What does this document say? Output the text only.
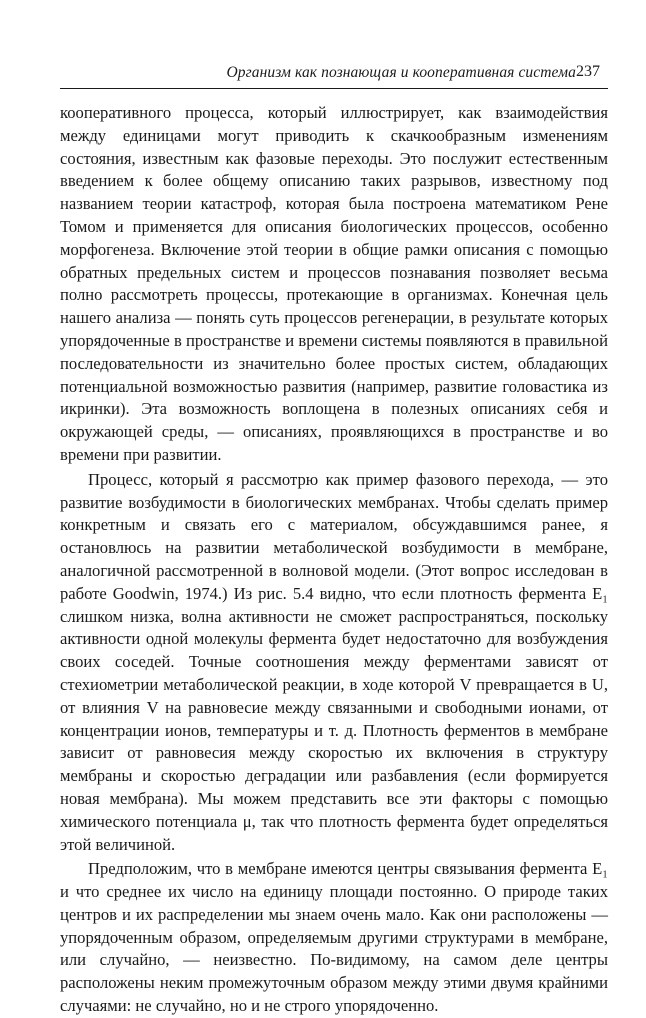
Организм как познающая и кооперативная система 237

кооперативного процесса, который иллюстрирует, как взаимодействия между единицами могут приводить к скачкообразным изменениям состояния, известным как фазовые переходы. Это послужит естественным введением к более общему описанию таких разрывов, известному под названием теории катастроф, которая была построена математиком Рене Томом и применяется для описания биологических процессов, особенно морфогенеза. Включение этой теории в общие рамки описания с помощью обратных предельных систем и процессов познавания позволяет весьма полно рассмотреть процессы, протекающие в организмах. Конечная цель нашего анализа — понять суть процессов регенерации, в результате которых упорядоченные в пространстве и времени системы появляются в правильной последовательности из значительно более простых систем, обладающих потенциальной возможностью развития (например, развитие головастика из икринки). Эта возможность воплощена в полезных описаниях себя и окружающей среды, — описаниях, проявляющихся в пространстве и во времени при развитии.

Процесс, который я рассмотрю как пример фазового перехода, — это развитие возбудимости в биологических мембранах. Чтобы сделать пример конкретным и связать его с материалом, обсуждавшимся ранее, я остановлюсь на развитии метаболической возбудимости в мембране, аналогичной рассмотренной в волновой модели. (Этот вопрос исследован в работе Goodwin, 1974.) Из рис. 5.4 видно, что если плотность фермента E₁ слишком низка, волна активности не сможет распространяться, поскольку активности одной молекулы фермента будет недостаточно для возбуждения своих соседей. Точные соотношения между ферментами зависят от стехиометрии метаболической реакции, в ходе которой V превращается в U, от влияния V на равновесие между связанными и свободными ионами, от концентрации ионов, температуры и т. д. Плотность ферментов в мембране зависит от равновесия между скоростью их включения в структуру мембраны и скоростью деградации или разбавления (если формируется новая мембрана). Мы можем представить все эти факторы с помощью химического потенциала μ, так что плотность фермента будет определяться этой величиной.

Предположим, что в мембране имеются центры связывания фермента E₁ и что среднее их число на единицу площади постоянно. О природе таких центров и их распределении мы знаем очень мало. Как они расположены — упорядоченным образом, определяемым другими структурами в мембране, или случайно, — неизвестно. По-видимому, на самом деле центры расположены неким промежуточным образом между этими двумя крайними случаями: не случайно, но и не строго упорядоченно.
